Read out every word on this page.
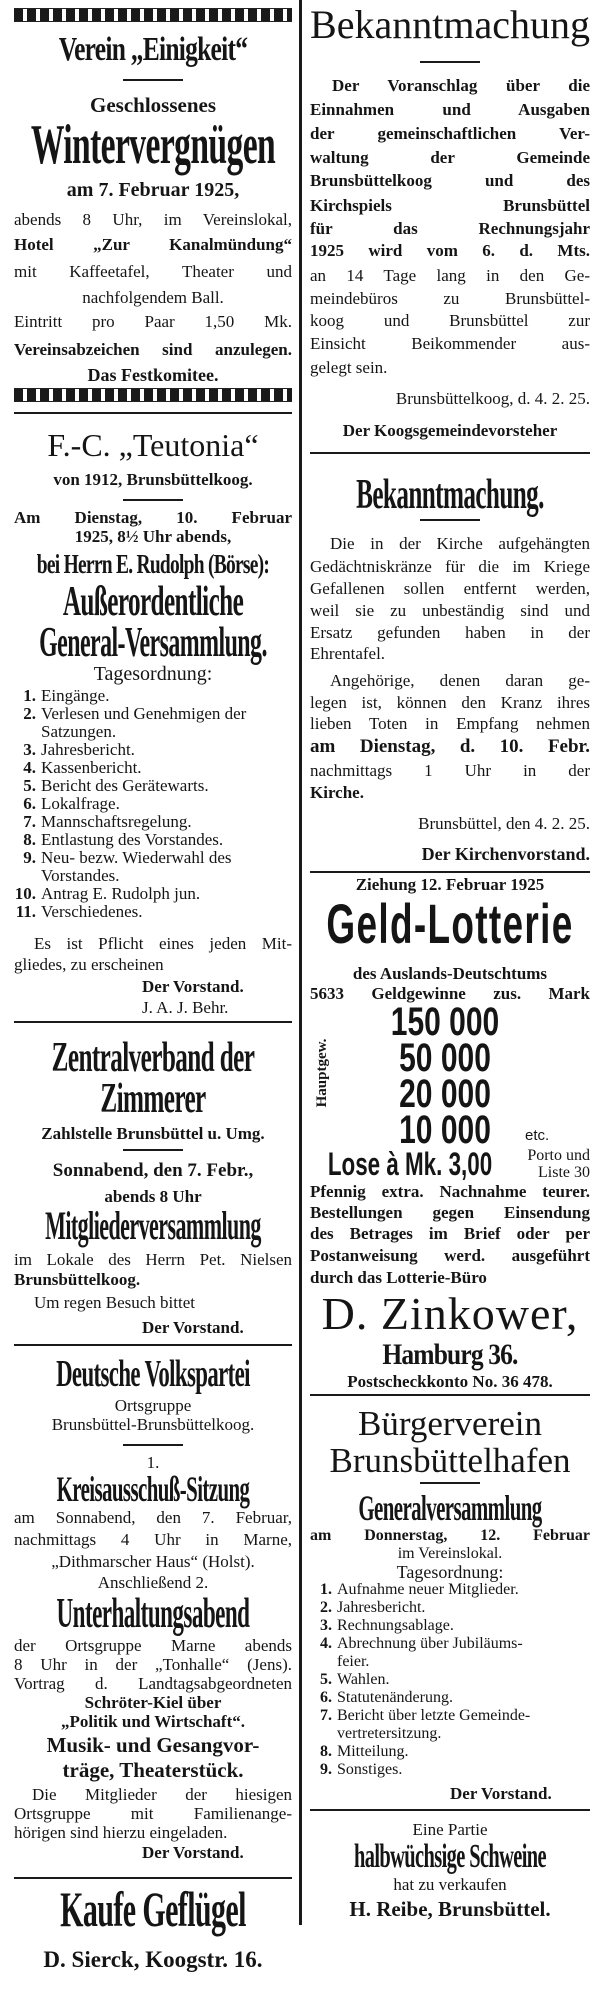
Verein „Einigkeit“
Geschlossenes
Wintervergnügen
am 7. Februar 1925,
abends 8 Uhr, im Vereinslokal,
Hotel „Zur Kanalmündung“
mit Kaffeetafel, Theater und
nachfolgendem Ball.
Eintritt pro Paar 1,50 Mk.
Vereinsabzeichen sind anzulegen.
Das Festkomitee.
F.-C. „Teutonia“
von 1912, Brunsbüttelkoog.
Am Dienstag, 10. Februar
1925, 8½ Uhr abends,
bei Herrn E. Rudolph (Börse):
Außerordentliche
General-Versammlung.
Tagesordnung:
1. Eingänge.
2. Verlesen und Genehmigen der
Satzungen.
3. Jahresbericht.
4. Kassenbericht.
5. Bericht des Gerätewarts.
6. Lokalfrage.
7. Mannschaftsregelung.
8. Entlastung des Vorstandes.
9. Neu- bezw. Wiederwahl des
Vorstandes.
10. Antrag E. Rudolph jun.
11. Verschiedenes.
Es ist Pflicht eines jeden Mit-
gliedes, zu erscheinen
Der Vorstand.
J. A. J. Behr.
Zentralverband der
Zimmerer
Zahlstelle Brunsbüttel u. Umg.
Sonnabend, den 7. Febr.,
abends 8 Uhr
Mitgliederversammlung
im Lokale des Herrn Pet. Nielsen
Brunsbüttelkoog.
Um regen Besuch bittet
Der Vorstand.
Deutsche Volkspartei
Ortsgruppe
Brunsbüttel-Brunsbüttelkoog.
1.
Kreisausschuß-Sitzung
am Sonnabend, den 7. Februar,
nachmittags 4 Uhr in Marne,
„Dithmarscher Haus“ (Holst).
Anschließend 2.
Unterhaltungsabend
der Ortsgruppe Marne abends
8 Uhr in der „Tonhalle“ (Jens).
Vortrag d. Landtagsabgeordneten
Schröter-Kiel über
„Politik und Wirtschaft“.
Musik- und Gesangvor-
träge, Theaterstück.
Die Mitglieder der hiesigen
Ortsgruppe mit Familienange-
hörigen sind hierzu eingeladen.
Der Vorstand.
Kaufe Geflügel
D. Sierck, Koogstr. 16.
Bekanntmachung
Der Voranschlag über die
Einnahmen und Ausgaben
der gemeinschaftlichen Ver-
waltung der Gemeinde
Brunsbüttelkoog und des
Kirchspiels Brunsbüttel
für das Rechnungsjahr
1925 wird vom 6. d. Mts.
an 14 Tage lang in den Ge-
meindebüros zu Brunsbüttel-
koog und Brunsbüttel zur
Einsicht Beikommender aus-
gelegt sein.
Brunsbüttelkoog, d. 4. 2. 25.
Der Koogsgemeindevorsteher
Bekanntmachung.
Die in der Kirche aufgehängten
Gedächtniskränze für die im Kriege
Gefallenen sollen entfernt werden,
weil sie zu unbeständig sind und
Ersatz gefunden haben in der
Ehrentafel.
Angehörige, denen daran ge-
legen ist, können den Kranz ihres
lieben Toten in Empfang nehmen
am Dienstag, d. 10. Febr.
nachmittags 1 Uhr in der
Kirche.
Brunsbüttel, den 4. 2. 25.
Der Kirchenvorstand.
Ziehung 12. Februar 1925
Geld-Lotterie
des Auslands-Deutschtums
5633 Geldgewinne zus. Mark
Hauptgew.
150 000
50 000
20 000
10 000	etc.
Lose à Mk. 3,00	Porto und
Liste 30
Pfennig extra. Nachnahme teurer.
Bestellungen gegen Einsendung
des Betrages im Brief oder per
Postanweisung werd. ausgeführt
durch das Lotterie-Büro
D. Zinkower,
Hamburg 36.
Postscheckkonto No. 36 478.
Bürgerverein
Brunsbüttelhafen
Generalversammlung
am Donnerstag, 12. Februar
im Vereinslokal.
Tagesordnung:
1. Aufnahme neuer Mitglieder.
2. Jahresbericht.
3. Rechnungsablage.
4. Abrechnung über Jubiläums-
feier.
5. Wahlen.
6. Statutenänderung.
7. Bericht über letzte Gemeinde-
vertretersitzung.
8. Mitteilung.
9. Sonstiges.
Der Vorstand.
Eine Partie
halbwüchsige Schweine
hat zu verkaufen
H. Reibe, Brunsbüttel.
